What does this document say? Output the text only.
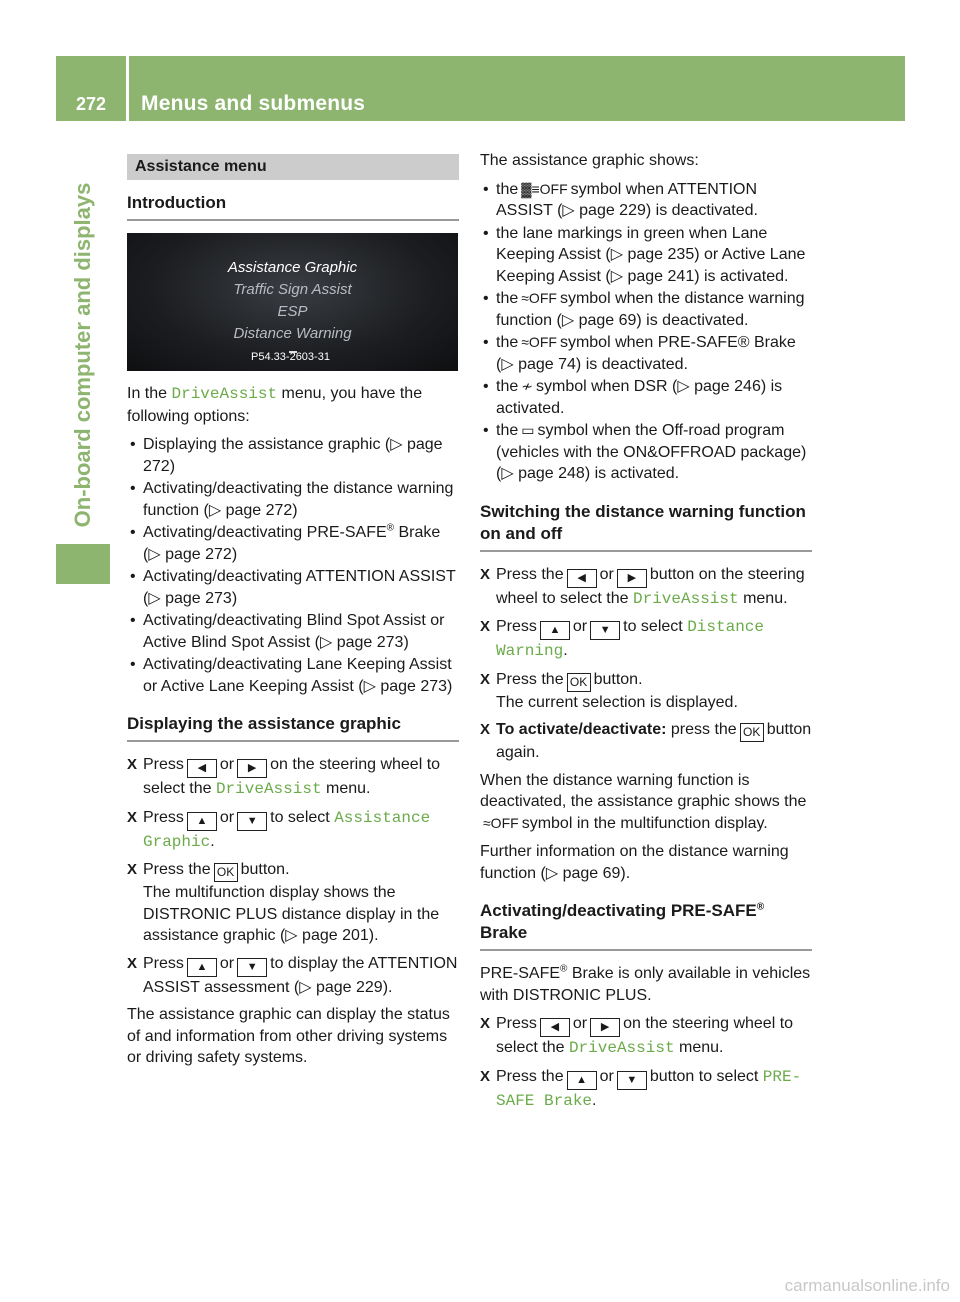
272	Menus and submenus
On-board computer and displays
Assistance menu
Introduction
Assistance Graphic
Traffic Sign Assist
ESP
Distance Warning
P54.33-2603-31

In the DriveAssist menu, you have the following options:

• Displaying the assistance graphic (▷ page 272)
• Activating/deactivating the distance warning function (▷ page 272)
• Activating/deactivating PRE-SAFE® Brake (▷ page 272)
• Activating/deactivating ATTENTION ASSIST (▷ page 273)
• Activating/deactivating Blind Spot Assist or Active Blind Spot Assist (▷ page 273)
• Activating/deactivating Lane Keeping Assist or Active Lane Keeping Assist (▷ page 273)
Displaying the assistance graphic
X Press ◀ or ▶ on the steering wheel to select the DriveAssist menu.
X Press ▲ or ▼ to select Assistance Graphic.
X Press the OK button.
The multifunction display shows the DISTRONIC PLUS distance display in the assistance graphic (▷ page 201).
X Press ▲ or ▼ to display the ATTENTION ASSIST assessment (▷ page 229).

The assistance graphic can display the status of and information from other driving systems or driving safety systems.

The assistance graphic shows:

• the ▓≡OFF symbol when ATTENTION ASSIST (▷ page 229) is deactivated.
• the lane markings in green when Lane Keeping Assist (▷ page 235) or Active Lane Keeping Assist (▷ page 241) is activated.
• the ≈OFF symbol when the distance warning function (▷ page 69) is deactivated.
• the ≈OFF symbol when PRE-SAFE® Brake (▷ page 74) is deactivated.
• the ≁ symbol when DSR (▷ page 246) is activated.
• the ▭ symbol when the Off-road program (vehicles with the ON&OFFROAD package) (▷ page 248) is activated.
Switching the distance warning function on and off
X Press the ◀ or ▶ button on the steering wheel to select the DriveAssist menu.
X Press ▲ or ▼ to select Distance Warning.
X Press the OK button.
The current selection is displayed.
X To activate/deactivate: press the OK button again.

When the distance warning function is deactivated, the assistance graphic shows the≈OFF symbol in the multifunction display.

Further information on the distance warning function (▷ page 69).

Activating/deactivating PRE-SAFE®
Brake

PRE-SAFE® Brake is only available in vehicles with DISTRONIC PLUS.

X Press ◀ or ▶ on the steering wheel to select the DriveAssist menu.
X Press the ▲ or ▼ button to select PRE-SAFE Brake.
carmanualsonline.info
